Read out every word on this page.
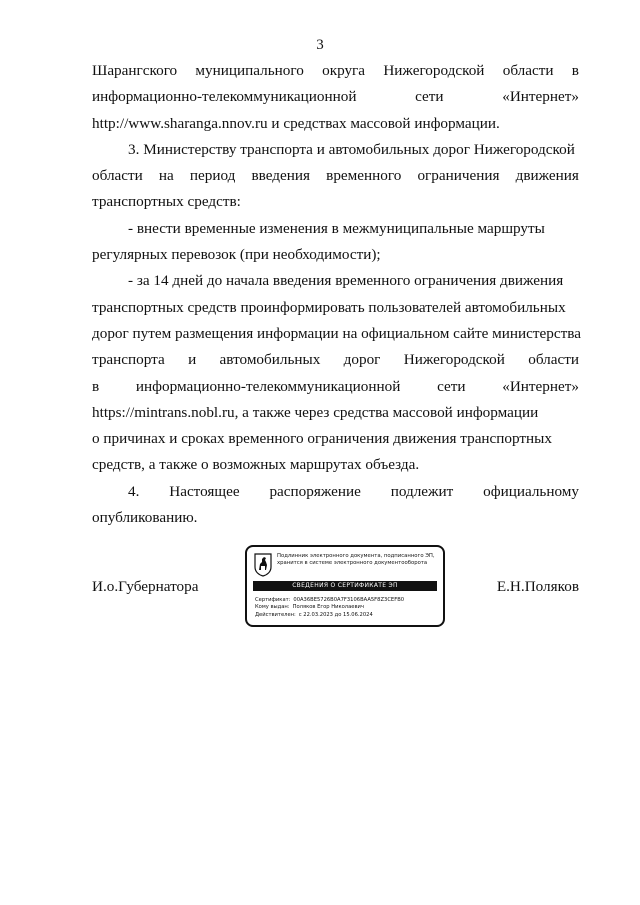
3
Шарангского муниципального округа Нижегородской области в
информационно-телекоммуникационной	сети	«Интернет»
http://www.sharanga.nnov.ru и средствах массовой информации.
3. Министерству транспорта и автомобильных дорог Нижегородской
области на период введения временного ограничения движения
транспортных средств:
- внести временные изменения в межмуниципальные маршруты
регулярных перевозок (при необходимости);
- за 14 дней до начала введения временного ограничения движения
транспортных средств проинформировать пользователей автомобильных
дорог путем размещения информации на официальном сайте министерства
транспорта и автомобильных дорог Нижегородской области
в информационно-телекоммуникационной сети «Интернет»
https://mintrans.nobl.ru, а также через средства массовой информации
о причинах и сроках временного ограничения движения транспортных
средств, а также о возможных маршрутах объезда.
4. Настоящее распоряжение подлежит официальному
опубликованию.
И.о.Губернатора	Е.Н.Поляков
Подлинник электронного документа, подписанного ЭП,
хранится в системе электронного документооборота
СВЕДЕНИЯ О СЕРТИФИКАТЕ ЭП
Сертификат: 00A36BE5726B0A7F3106BAA5F8Z3CEFB0
Кому выдан: Поляков Егор Николаевич
Действителен: с 22.03.2023 до 15.06.2024
